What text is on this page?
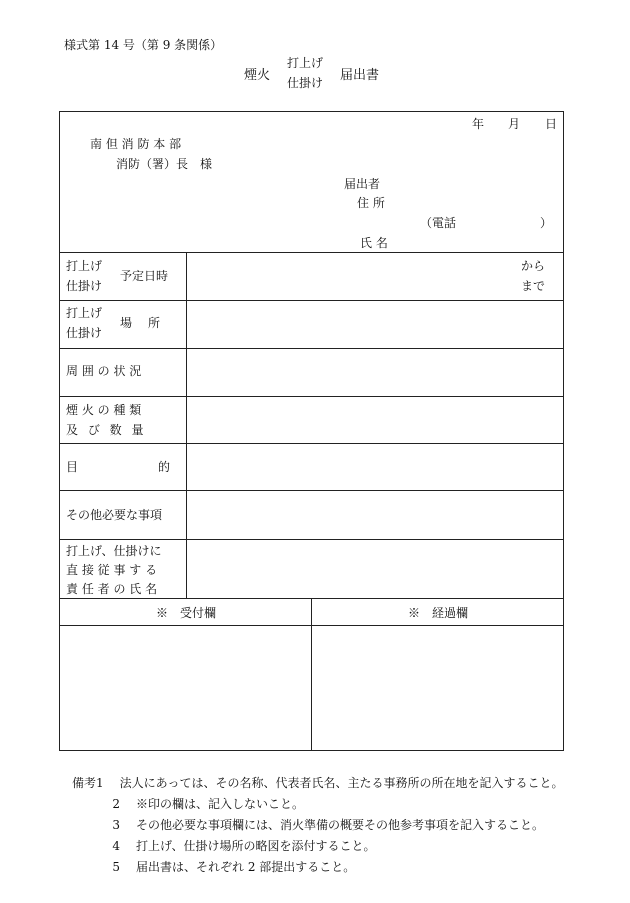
様式第 14 号（第 9 条関係）
煙火
打上げ
仕掛け 届出書
年 月 日
南 但 消 防 本 部
消防（署）長　様
届出者
住 所
（電話　　　　　　　）
氏 名
打上げ
仕掛け
予定日時
から
まで
打上げ
仕掛け
場　所
周 囲 の 状 況
煙 火 の 種 類
及 び 数 量
目	的
その他必要な事項
打上げ、仕掛けに
直 接 従 事 す る
責 任 者 の 氏 名
※　受付欄	※　経過欄
備考1 法人にあっては、その名称、代表者氏名、主たる事務所の所在地を記入すること。
2 ※印の欄は、記入しないこと。
3 その他必要な事項欄には、消火準備の概要その他参考事項を記入すること。
4 打上げ、仕掛け場所の略図を添付すること。
5 届出書は、それぞれ 2 部提出すること。
